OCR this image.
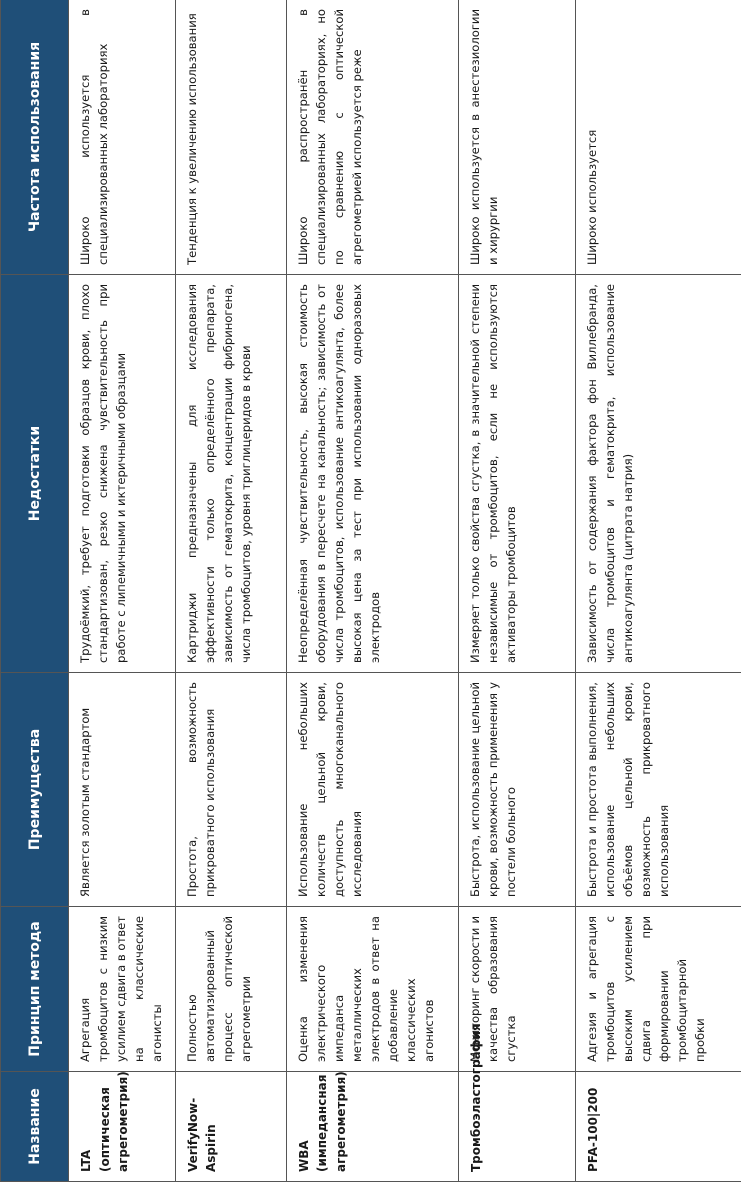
Название	Принцип метода	Преимущества	Недостатки	Частота использования
LTA (оптическая агрегометрия)	Агрегация тромбоцитов с низким усилием сдвига в ответ на классические агонисты	Является золотым стандартом	Трудоёмкий, требует подготовки образцов крови, плохо стандартизован, резко снижена чувствительность при работе с липемичными и иктеричными образцами	Широко используется в специализированных лабораториях
VerifyNow-Aspirin	Полностью автоматизированный процесс оптической агрегометрии	Простота, возможность прикроватного использования	Картриджи предназначены для исследования эффективности только определённого препарата, зависимость от гематокрита, концентрации фибриногена, числа тромбоцитов, уровня триглицеридов в крови	Тенденция к увеличению использования
WBA (импедансная агрегометрия)	Оценка изменения электрического импеданса металлических электродов в ответ на добавление классических агонистов	Использование небольших количеств цельной крови, доступность многоканального исследования	Неопределённая чувствительность, высокая стоимость оборудования в пересчете на канальность; зависимость от числа тромбоцитов, использование антикоагулянта, более высокая цена за тест при использовании одноразовых электродов	Широко распространён в специализированных лабораториях, но по сравнению с оптической агрегометрией используется реже
Тромбоэластография	Мониторинг скорости и качества образования сгустка	Быстрота, использование цельной крови, возможность применения у постели больного	Измеряет только свойства сгустка, в значительной степени независимые от тромбоцитов, если не используются активаторы тромбоцитов	Широко используется в анестезиологии и хирургии
PFA-100|200	Адгезия и агрегация тромбоцитов с высоким усилением сдвига при формировании тромбоцитарной пробки	Быстрота и простота выполнения, использование небольших объёмов цельной крови, возможность прикроватного использования	Зависимость от содержания фактора фон Виллебранда, числа тромбоцитов и гематокрита, использование антикоагулянта (цитрата натрия)	Широко используется
